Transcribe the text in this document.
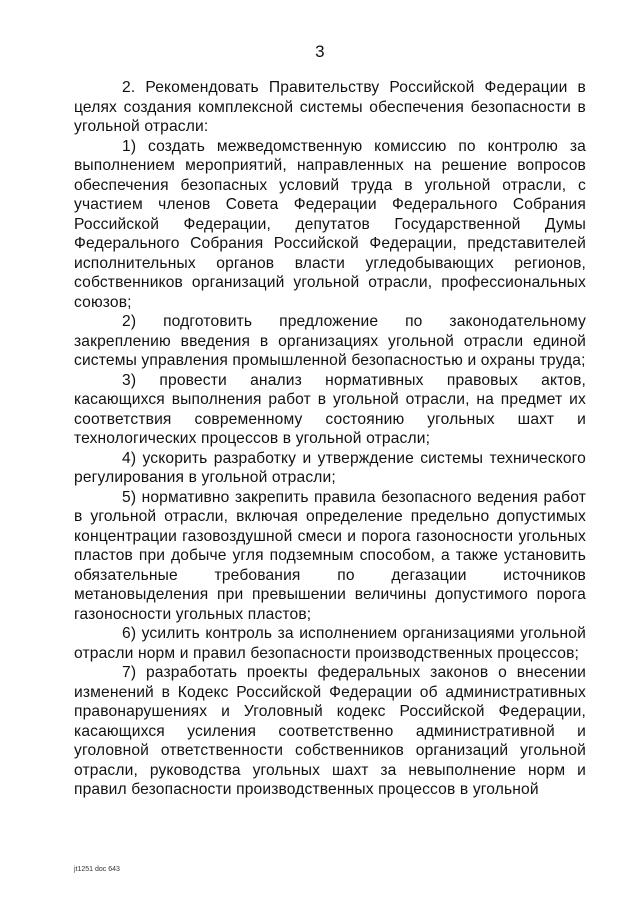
3

2. Рекомендовать Правительству Российской Федерации в целях создания комплексной системы обеспечения безопасности в угольной отрасли:

1) создать межведомственную комиссию по контролю за выполнением мероприятий, направленных на решение вопросов обеспечения безопасных условий труда в угольной отрасли, с участием членов Совета Федерации Федерального Собрания Российской Федерации, депутатов Государственной Думы Федерального Собрания Российской Федерации, представителей исполнительных органов власти угледобывающих регионов, собственников организаций угольной отрасли, профессиональных союзов;

2) подготовить предложение по законодательному закреплению введения в организациях угольной отрасли единой системы управления промышленной безопасностью и охраны труда;

3) провести анализ нормативных правовых актов, касающихся выполнения работ в угольной отрасли, на предмет их соответствия современному состоянию угольных шахт и технологических процессов в угольной отрасли;

4) ускорить разработку и утверждение системы технического регулирования в угольной отрасли;

5) нормативно закрепить правила безопасного ведения работ в угольной отрасли, включая определение предельно допустимых концентрации газовоздушной смеси и порога газоносности угольных пластов при добыче угля подземным способом, а также установить обязательные требования по дегазации источников метановыделения при превышении величины допустимого порога газоносности угольных пластов;

6) усилить контроль за исполнением организациями угольной отрасли норм и правил безопасности производственных процессов;

7) разработать проекты федеральных законов о внесении изменений в Кодекс Российской Федерации об административных правонарушениях и Уголовный кодекс Российской Федерации, касающихся усиления соответственно административной и уголовной ответственности собственников организаций угольной отрасли, руководства угольных шахт за невыполнение норм и правил безопасности производственных процессов в угольной

jt1251 doc 643
